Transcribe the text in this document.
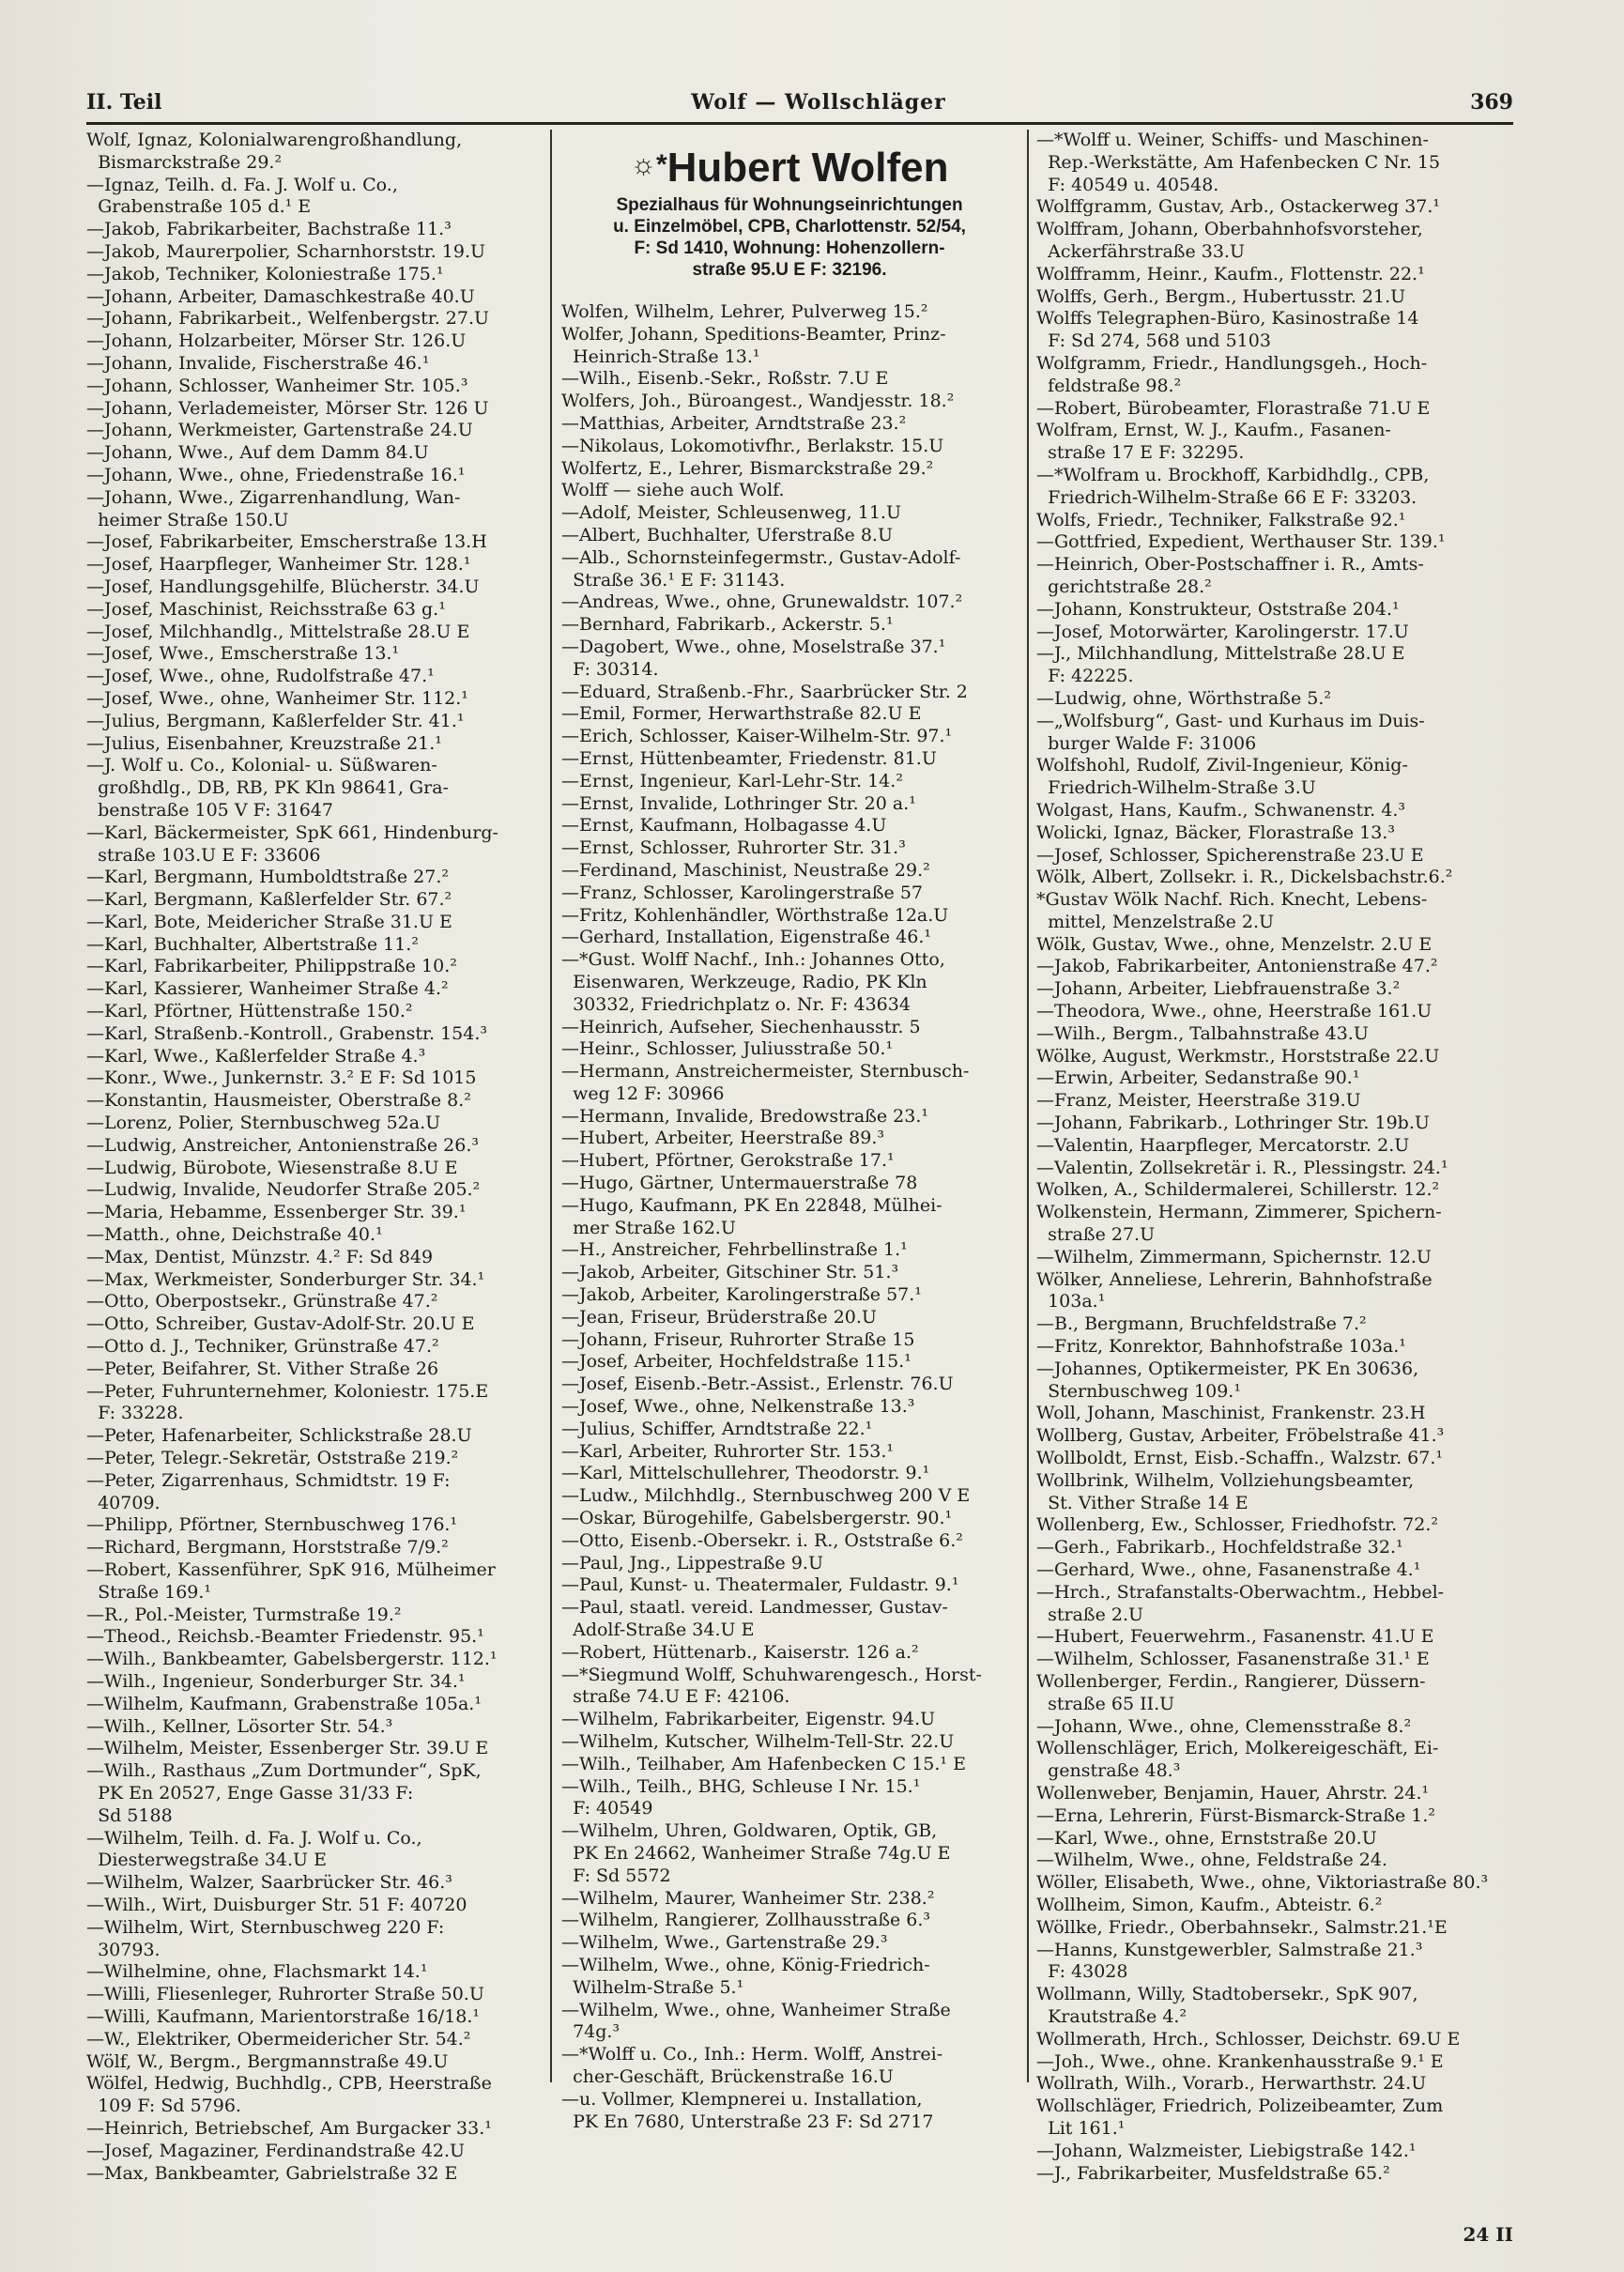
II. Teil	Wolf — Wollschläger	369

Wolf, Ignaz, Kolonialwarengroßhandlung,
Bismarckstraße 29.²

—Ignaz, Teilh. d. Fa. J. Wolf u. Co.,
Grabenstraße 105 d.¹ E

—Jakob, Fabrikarbeiter, Bachstraße 11.³

—Jakob, Maurerpolier, Scharnhorststr. 19.U

—Jakob, Techniker, Koloniestraße 175.¹

—Johann, Arbeiter, Damaschkestraße 40.U

—Johann, Fabrikarbeit., Welfenbergstr. 27.U

—Johann, Holzarbeiter, Mörser Str. 126.U

—Johann, Invalide, Fischerstraße 46.¹

—Johann, Schlosser, Wanheimer Str. 105.³

—Johann, Verlademeister, Mörser Str. 126 U

—Johann, Werkmeister, Gartenstraße 24.U

—Johann, Wwe., Auf dem Damm 84.U

—Johann, Wwe., ohne, Friedenstraße 16.¹

—Johann, Wwe., Zigarrenhandlung, Wan-
heimer Straße 150.U

—Josef, Fabrikarbeiter, Emscherstraße 13.H

—Josef, Haarpfleger, Wanheimer Str. 128.¹

—Josef, Handlungsgehilfe, Blücherstr. 34.U

—Josef, Maschinist, Reichsstraße 63 g.¹

—Josef, Milchhandlg., Mittelstraße 28.U E

—Josef, Wwe., Emscherstraße 13.¹

—Josef, Wwe., ohne, Rudolfstraße 47.¹

—Josef, Wwe., ohne, Wanheimer Str. 112.¹

—Julius, Bergmann, Kaßlerfelder Str. 41.¹

—Julius, Eisenbahner, Kreuzstraße 21.¹

—J. Wolf u. Co., Kolonial- u. Süßwaren-
großhdlg., DB, RB, PK Kln 98641, Gra-
benstraße 105 V F: 31647

—Karl, Bäckermeister, SpK 661, Hindenburg-
straße 103.U E F: 33606

—Karl, Bergmann, Humboldtstraße 27.²

—Karl, Bergmann, Kaßlerfelder Str. 67.²

—Karl, Bote, Meidericher Straße 31.U E

—Karl, Buchhalter, Albertstraße 11.²

—Karl, Fabrikarbeiter, Philippstraße 10.²

—Karl, Kassierer, Wanheimer Straße 4.²

—Karl, Pförtner, Hüttenstraße 150.²

—Karl, Straßenb.-Kontroll., Grabenstr. 154.³

—Karl, Wwe., Kaßlerfelder Straße 4.³

—Konr., Wwe., Junkernstr. 3.² E F: Sd 1015

—Konstantin, Hausmeister, Oberstraße 8.²

—Lorenz, Polier, Sternbuschweg 52a.U

—Ludwig, Anstreicher, Antonienstraße 26.³

—Ludwig, Bürobote, Wiesenstraße 8.U E

—Ludwig, Invalide, Neudorfer Straße 205.²

—Maria, Hebamme, Essenberger Str. 39.¹

—Matth., ohne, Deichstraße 40.¹

—Max, Dentist, Münzstr. 4.² F: Sd 849

—Max, Werkmeister, Sonderburger Str. 34.¹

—Otto, Oberpostsekr., Grünstraße 47.²

—Otto, Schreiber, Gustav-Adolf-Str. 20.U E

—Otto d. J., Techniker, Grünstraße 47.²

—Peter, Beifahrer, St. Vither Straße 26

—Peter, Fuhrunternehmer, Koloniestr. 175.E
F: 33228.

—Peter, Hafenarbeiter, Schlickstraße 28.U

—Peter, Telegr.-Sekretär, Oststraße 219.²

—Peter, Zigarrenhaus, Schmidtstr. 19 F:
40709.

—Philipp, Pförtner, Sternbuschweg 176.¹

—Richard, Bergmann, Horststraße 7/9.²

—Robert, Kassenführer, SpK 916, Mülheimer
Straße 169.¹

—R., Pol.-Meister, Turmstraße 19.²

—Theod., Reichsb.-Beamter Friedenstr. 95.¹

—Wilh., Bankbeamter, Gabelsbergerstr. 112.¹

—Wilh., Ingenieur, Sonderburger Str. 34.¹

—Wilhelm, Kaufmann, Grabenstraße 105a.¹

—Wilh., Kellner, Lösorter Str. 54.³

—Wilhelm, Meister, Essenberger Str. 39.U E

—Wilh., Rasthaus „Zum Dortmunder“, SpK,
PK En 20527, Enge Gasse 31/33 F:
Sd 5188

—Wilhelm, Teilh. d. Fa. J. Wolf u. Co.,
Diesterwegstraße 34.U E

—Wilhelm, Walzer, Saarbrücker Str. 46.³

—Wilh., Wirt, Duisburger Str. 51 F: 40720

—Wilhelm, Wirt, Sternbuschweg 220 F:
30793.

—Wilhelmine, ohne, Flachsmarkt 14.¹

—Willi, Fliesenleger, Ruhrorter Straße 50.U

—Willi, Kaufmann, Marientorstraße 16/18.¹

—W., Elektriker, Obermeidericher Str. 54.²

Wölf, W., Bergm., Bergmannstraße 49.U

Wölfel, Hedwig, Buchhdlg., CPB, Heerstraße
109 F: Sd 5796.

—Heinrich, Betriebschef, Am Burgacker 33.¹

—Josef, Magaziner, Ferdinandstraße 42.U

—Max, Bankbeamter, Gabrielstraße 32 E

☼*Hubert Wolfen
Spezialhaus für Wohnungseinrichtungen
u. Einzelmöbel, CPB, Charlottenstr. 52/54,
F: Sd 1410, Wohnung: Hohenzollern-
straße 95.U E F: 32196.

Wolfen, Wilhelm, Lehrer, Pulverweg 15.²

Wolfer, Johann, Speditions-Beamter, Prinz-
Heinrich-Straße 13.¹

—Wilh., Eisenb.-Sekr., Roßstr. 7.U E

Wolfers, Joh., Büroangest., Wandjesstr. 18.²

—Matthias, Arbeiter, Arndtstraße 23.²

—Nikolaus, Lokomotivfhr., Berlakstr. 15.U

Wolfertz, E., Lehrer, Bismarckstraße 29.²

Wolff — siehe auch Wolf.

—Adolf, Meister, Schleusenweg, 11.U

—Albert, Buchhalter, Uferstraße 8.U

—Alb., Schornsteinfegermstr., Gustav-Adolf-
Straße 36.¹ E F: 31143.

—Andreas, Wwe., ohne, Grunewaldstr. 107.²

—Bernhard, Fabrikarb., Ackerstr. 5.¹

—Dagobert, Wwe., ohne, Moselstraße 37.¹
F: 30314.

—Eduard, Straßenb.-Fhr., Saarbrücker Str. 2

—Emil, Former, Herwarthstraße 82.U E

—Erich, Schlosser, Kaiser-Wilhelm-Str. 97.¹

—Ernst, Hüttenbeamter, Friedenstr. 81.U

—Ernst, Ingenieur, Karl-Lehr-Str. 14.²

—Ernst, Invalide, Lothringer Str. 20 a.¹

—Ernst, Kaufmann, Holbagasse 4.U

—Ernst, Schlosser, Ruhrorter Str. 31.³

—Ferdinand, Maschinist, Neustraße 29.²

—Franz, Schlosser, Karolingerstraße 57

—Fritz, Kohlenhändler, Wörthstraße 12a.U

—Gerhard, Installation, Eigenstraße 46.¹

—*Gust. Wolff Nachf., Inh.: Johannes Otto,
Eisenwaren, Werkzeuge, Radio, PK Kln
30332, Friedrichplatz o. Nr. F: 43634

—Heinrich, Aufseher, Siechenhausstr. 5

—Heinr., Schlosser, Juliusstraße 50.¹

—Hermann, Anstreichermeister, Sternbusch-
weg 12 F: 30966

—Hermann, Invalide, Bredowstraße 23.¹

—Hubert, Arbeiter, Heerstraße 89.³

—Hubert, Pförtner, Gerokstraße 17.¹

—Hugo, Gärtner, Untermauerstraße 78

—Hugo, Kaufmann, PK En 22848, Mülhei-
mer Straße 162.U

—H., Anstreicher, Fehrbellinstraße 1.¹

—Jakob, Arbeiter, Gitschiner Str. 51.³

—Jakob, Arbeiter, Karolingerstraße 57.¹

—Jean, Friseur, Brüderstraße 20.U

—Johann, Friseur, Ruhrorter Straße 15

—Josef, Arbeiter, Hochfeldstraße 115.¹

—Josef, Eisenb.-Betr.-Assist., Erlenstr. 76.U

—Josef, Wwe., ohne, Nelkenstraße 13.³

—Julius, Schiffer, Arndtstraße 22.¹

—Karl, Arbeiter, Ruhrorter Str. 153.¹

—Karl, Mittelschullehrer, Theodorstr. 9.¹

—Ludw., Milchhdlg., Sternbuschweg 200 V E

—Oskar, Bürogehilfe, Gabelsbergerstr. 90.¹

—Otto, Eisenb.-Obersekr. i. R., Oststraße 6.²

—Paul, Jng., Lippestraße 9.U

—Paul, Kunst- u. Theatermaler, Fuldastr. 9.¹

—Paul, staatl. vereid. Landmesser, Gustav-
Adolf-Straße 34.U E

—Robert, Hüttenarb., Kaiserstr. 126 a.²

—*Siegmund Wolff, Schuhwarengesch., Horst-
straße 74.U E F: 42106.

—Wilhelm, Fabrikarbeiter, Eigenstr. 94.U

—Wilhelm, Kutscher, Wilhelm-Tell-Str. 22.U

—Wilh., Teilhaber, Am Hafenbecken C 15.¹ E

—Wilh., Teilh., BHG, Schleuse I Nr. 15.¹
F: 40549

—Wilhelm, Uhren, Goldwaren, Optik, GB,
PK En 24662, Wanheimer Straße 74g.U E
F: Sd 5572

—Wilhelm, Maurer, Wanheimer Str. 238.²

—Wilhelm, Rangierer, Zollhausstraße 6.³

—Wilhelm, Wwe., Gartenstraße 29.³

—Wilhelm, Wwe., ohne, König-Friedrich-
Wilhelm-Straße 5.¹

—Wilhelm, Wwe., ohne, Wanheimer Straße
74g.³

—*Wolff u. Co., Inh.: Herm. Wolff, Anstrei-
cher-Geschäft, Brückenstraße 16.U

—u. Vollmer, Klempnerei u. Installation,
PK En 7680, Unterstraße 23 F: Sd 2717

—*Wolff u. Weiner, Schiffs- und Maschinen-
Rep.-Werkstätte, Am Hafenbecken C Nr. 15
F: 40549 u. 40548.

Wolffgramm, Gustav, Arb., Ostackerweg 37.¹

Wolffram, Johann, Oberbahnhofsvorsteher,
Ackerfährstraße 33.U

Wolfframm, Heinr., Kaufm., Flottenstr. 22.¹

Wolffs, Gerh., Bergm., Hubertusstr. 21.U

Wolffs Telegraphen-Büro, Kasinostraße 14
F: Sd 274, 568 und 5103

Wolfgramm, Friedr., Handlungsgeh., Hoch-
feldstraße 98.²

—Robert, Bürobeamter, Florastraße 71.U E

Wolfram, Ernst, W. J., Kaufm., Fasanen-
straße 17 E F: 32295.

—*Wolfram u. Brockhoff, Karbidhdlg., CPB,
Friedrich-Wilhelm-Straße 66 E F: 33203.

Wolfs, Friedr., Techniker, Falkstraße 92.¹

—Gottfried, Expedient, Werthauser Str. 139.¹

—Heinrich, Ober-Postschaffner i. R., Amts-
gerichtstraße 28.²

—Johann, Konstrukteur, Oststraße 204.¹

—Josef, Motorwärter, Karolingerstr. 17.U

—J., Milchhandlung, Mittelstraße 28.U E
F: 42225.

—Ludwig, ohne, Wörthstraße 5.²

—„Wolfsburg“, Gast- und Kurhaus im Duis-
burger Walde F: 31006

Wolfshohl, Rudolf, Zivil-Ingenieur, König-
Friedrich-Wilhelm-Straße 3.U

Wolgast, Hans, Kaufm., Schwanenstr. 4.³

Wolicki, Ignaz, Bäcker, Florastraße 13.³

—Josef, Schlosser, Spicherenstraße 23.U E

Wölk, Albert, Zollsekr. i. R., Dickelsbachstr.6.²

*Gustav Wölk Nachf. Rich. Knecht, Lebens-
mittel, Menzelstraße 2.U

Wölk, Gustav, Wwe., ohne, Menzelstr. 2.U E

—Jakob, Fabrikarbeiter, Antonienstraße 47.²

—Johann, Arbeiter, Liebfrauenstraße 3.²

—Theodora, Wwe., ohne, Heerstraße 161.U

—Wilh., Bergm., Talbahnstraße 43.U

Wölke, August, Werkmstr., Horststraße 22.U

—Erwin, Arbeiter, Sedanstraße 90.¹

—Franz, Meister, Heerstraße 319.U

—Johann, Fabrikarb., Lothringer Str. 19b.U

—Valentin, Haarpfleger, Mercatorstr. 2.U

—Valentin, Zollsekretär i. R., Plessingstr. 24.¹

Wolken, A., Schildermalerei, Schillerstr. 12.²

Wolkenstein, Hermann, Zimmerer, Spichern-
straße 27.U

—Wilhelm, Zimmermann, Spichernstr. 12.U

Wölker, Anneliese, Lehrerin, Bahnhofstraße
103a.¹

—B., Bergmann, Bruchfeldstraße 7.²

—Fritz, Konrektor, Bahnhofstraße 103a.¹

—Johannes, Optikermeister, PK En 30636,
Sternbuschweg 109.¹

Woll, Johann, Maschinist, Frankenstr. 23.H

Wollberg, Gustav, Arbeiter, Fröbelstraße 41.³

Wollboldt, Ernst, Eisb.-Schaffn., Walzstr. 67.¹

Wollbrink, Wilhelm, Vollziehungsbeamter,
St. Vither Straße 14 E

Wollenberg, Ew., Schlosser, Friedhofstr. 72.²

—Gerh., Fabrikarb., Hochfeldstraße 32.¹

—Gerhard, Wwe., ohne, Fasanenstraße 4.¹

—Hrch., Strafanstalts-Oberwachtm., Hebbel-
straße 2.U

—Hubert, Feuerwehrm., Fasanenstr. 41.U E

—Wilhelm, Schlosser, Fasanenstraße 31.¹ E

Wollenberger, Ferdin., Rangierer, Düssern-
straße 65 II.U

—Johann, Wwe., ohne, Clemensstraße 8.²

Wollenschläger, Erich, Molkereigeschäft, Ei-
genstraße 48.³

Wollenweber, Benjamin, Hauer, Ahrstr. 24.¹

—Erna, Lehrerin, Fürst-Bismarck-Straße 1.²

—Karl, Wwe., ohne, Ernststraße 20.U

—Wilhelm, Wwe., ohne, Feldstraße 24.

Wöller, Elisabeth, Wwe., ohne, Viktoriastraße 80.³

Wollheim, Simon, Kaufm., Abteistr. 6.²

Wöllke, Friedr., Oberbahnsekr., Salmstr.21.¹E

—Hanns, Kunstgewerbler, Salmstraße 21.³
F: 43028

Wollmann, Willy, Stadtobersekr., SpK 907,
Krautstraße 4.²

Wollmerath, Hrch., Schlosser, Deichstr. 69.U E

—Joh., Wwe., ohne. Krankenhausstraße 9.¹ E

Wollrath, Wilh., Vorarb., Herwarthstr. 24.U

Wollschläger, Friedrich, Polizeibeamter, Zum
Lit 161.¹

—Johann, Walzmeister, Liebigstraße 142.¹

—J., Fabrikarbeiter, Musfeldstraße 65.²

24 II
